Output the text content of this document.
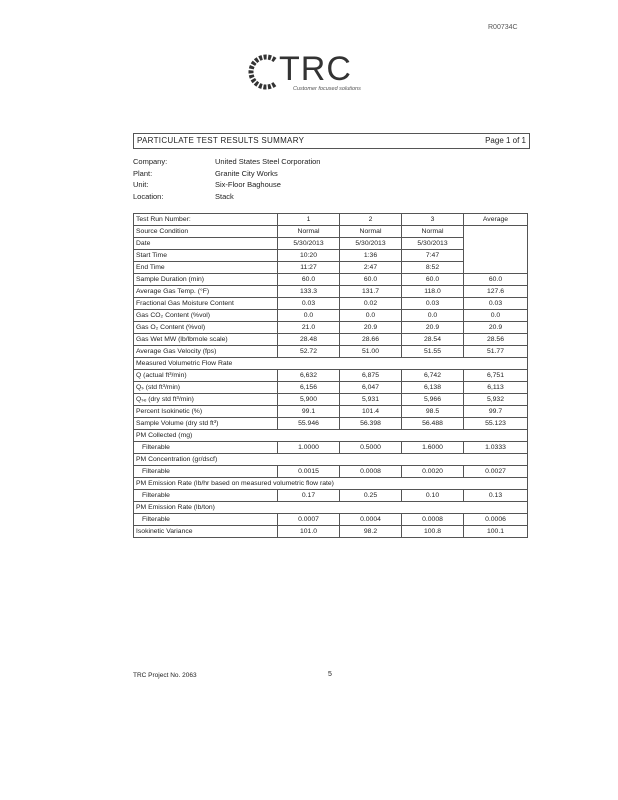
R00734C
TRC
Customer focused solutions
PARTICULATE TEST RESULTS SUMMARY	Page 1 of 1
Company:	United States Steel Corporation
Plant:	Granite City Works
Unit:	Six-Floor Baghouse
Location:	Stack
Test Run Number:	1	2	3	Average
Source Condition	Normal	Normal	Normal	
Date	5/30/2013	5/30/2013	5/30/2013	
Start Time	10:20	1:36	7:47	
End Time	11:27	2:47	8:52	
Sample Duration (min)	60.0	60.0	60.0	60.0
Average Gas Temp. (°F)	133.3	131.7	118.0	127.6
Fractional Gas Moisture Content	0.03	0.02	0.03	0.03
Gas CO₂ Content (%vol)	0.0	0.0	0.0	0.0
Gas O₂ Content (%vol)	21.0	20.9	20.9	20.9
Gas Wet MW (lb/lbmole scale)	28.48	28.66	28.54	28.56
Average Gas Velocity (fps)	52.72	51.00	51.55	51.77
Measured Volumetric Flow Rate				
Q (actual ft³/min)	6,632	6,875	6,742	6,751
Qₛ (std ft³/min)	6,156	6,047	6,138	6,113
Qₛₑ (dry std ft³/min)	5,900	5,931	5,966	5,932
Percent Isokinetic (%)	99.1	101.4	98.5	99.7
Sample Volume (dry std ft³)	55.946	56.398	56.488	55.123
PM Collected (mg)				
Filterable	1.0000	0.5000	1.6000	1.0333
PM Concentration (gr/dscf)				
Filterable	0.0015	0.0008	0.0020	0.0027
PM Emission Rate (lb/hr based on measured volumetric flow rate)				
Filterable	0.17	0.25	0.10	0.13
PM Emission Rate (lb/ton)				
Filterable	0.0007	0.0004	0.0008	0.0006
Isokinetic Variance	101.0	98.2	100.8	100.1
TRC Project No. 2063	5
